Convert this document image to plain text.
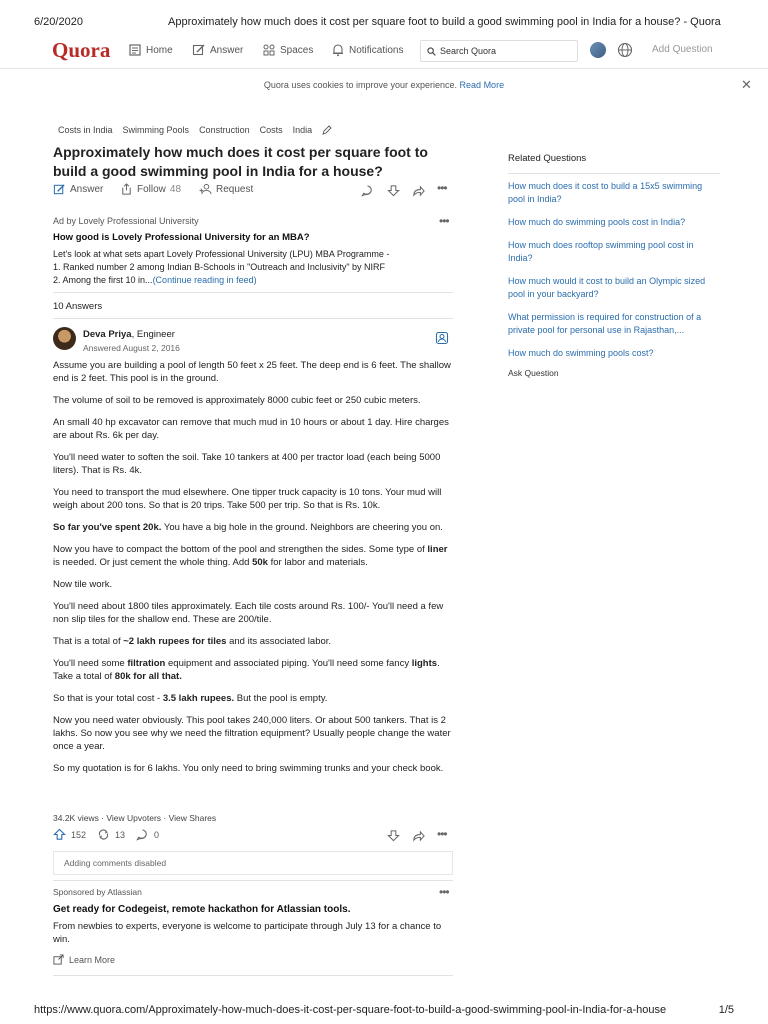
6/20/2020	Approximately how much does it cost per square foot to build a good swimming pool in India for a house? - Quora
Quora	Home	Answer	Spaces	Notifications	Search Quora	Add Question
Quora uses cookies to improve your experience. Read More	✕
Costs in India Swimming Pools Construction Costs India
Approximately how much does it cost per square foot to build a good swimming pool in India for a house?
Answer	Follow 48	Request	•••
Ad by Lovely Professional University
How good is Lovely Professional University for an MBA?
Let's look at what sets apart Lovely Professional University (LPU) MBA Programme -
1. Ranked number 2 among Indian B-Schools in "Outreach and Inclusivity" by NIRF
2. Among the first 10 in...(Continue reading in feed)
•••
10 Answers
Deva Priya, Engineer
Answered August 2, 2016

Assume you are building a pool of length 50 feet x 25 feet. The deep end is 6 feet. The shallow end is 2 feet. This pool is in the ground.

The volume of soil to be removed is approximately 8000 cubic feet or 250 cubic meters.

An small 40 hp excavator can remove that much mud in 10 hours or about 1 day. Hire charges are about Rs. 6k per day.

You'll need water to soften the soil. Take 10 tankers at 400 per tractor load (each being 5000 liters). That is Rs. 4k.

You need to transport the mud elsewhere. One tipper truck capacity is 10 tons. Your mud will weigh about 200 tons. So that is 20 trips. Take 500 per trip. So that is Rs. 10k.

So far you've spent 20k. You have a big hole in the ground. Neighbors are cheering you on.

Now you have to compact the bottom of the pool and strengthen the sides. Some type of liner is needed. Or just cement the whole thing. Add 50k for labor and materials.

Now tile work.

You'll need about 1800 tiles approximately. Each tile costs around Rs. 100/- You'll need a few non slip tiles for the shallow end. These are 200/tile.

That is a total of ~2 lakh rupees for tiles and its associated labor.

You'll need some filtration equipment and associated piping. You'll need some fancy lights. Take a total of 80k for all that.

So that is your total cost - 3.5 lakh rupees. But the pool is empty.

Now you need water obviously. This pool takes 240,000 liters. Or about 500 tankers. That is 2 lakhs. So now you see why we need the filtration equipment? Usually people change the water once a year.

So my quotation is for 6 lakhs. You only need to bring swimming trunks and your check book.

34.2K views · View Upvoters · View Shares
152	13	0	•••
Adding comments disabled
Sponsored by Atlassian
Get ready for Codegeist, remote hackathon for Atlassian tools.
From newbies to experts, everyone is welcome to participate through July 13 for a chance to win.
Learn More
•••
Related Questions
How much does it cost to build a 15x5 swimming pool in India?
How much do swimming pools cost in India?
How much does rooftop swimming pool cost in India?
How much would it cost to build an Olympic sized pool in your backyard?
What permission is required for construction of a private pool for personal use in Rajasthan,...
How much do swimming pools cost?
Ask Question
https://www.quora.com/Approximately-how-much-does-it-cost-per-square-foot-to-build-a-good-swimming-pool-in-India-for-a-house	1/5
